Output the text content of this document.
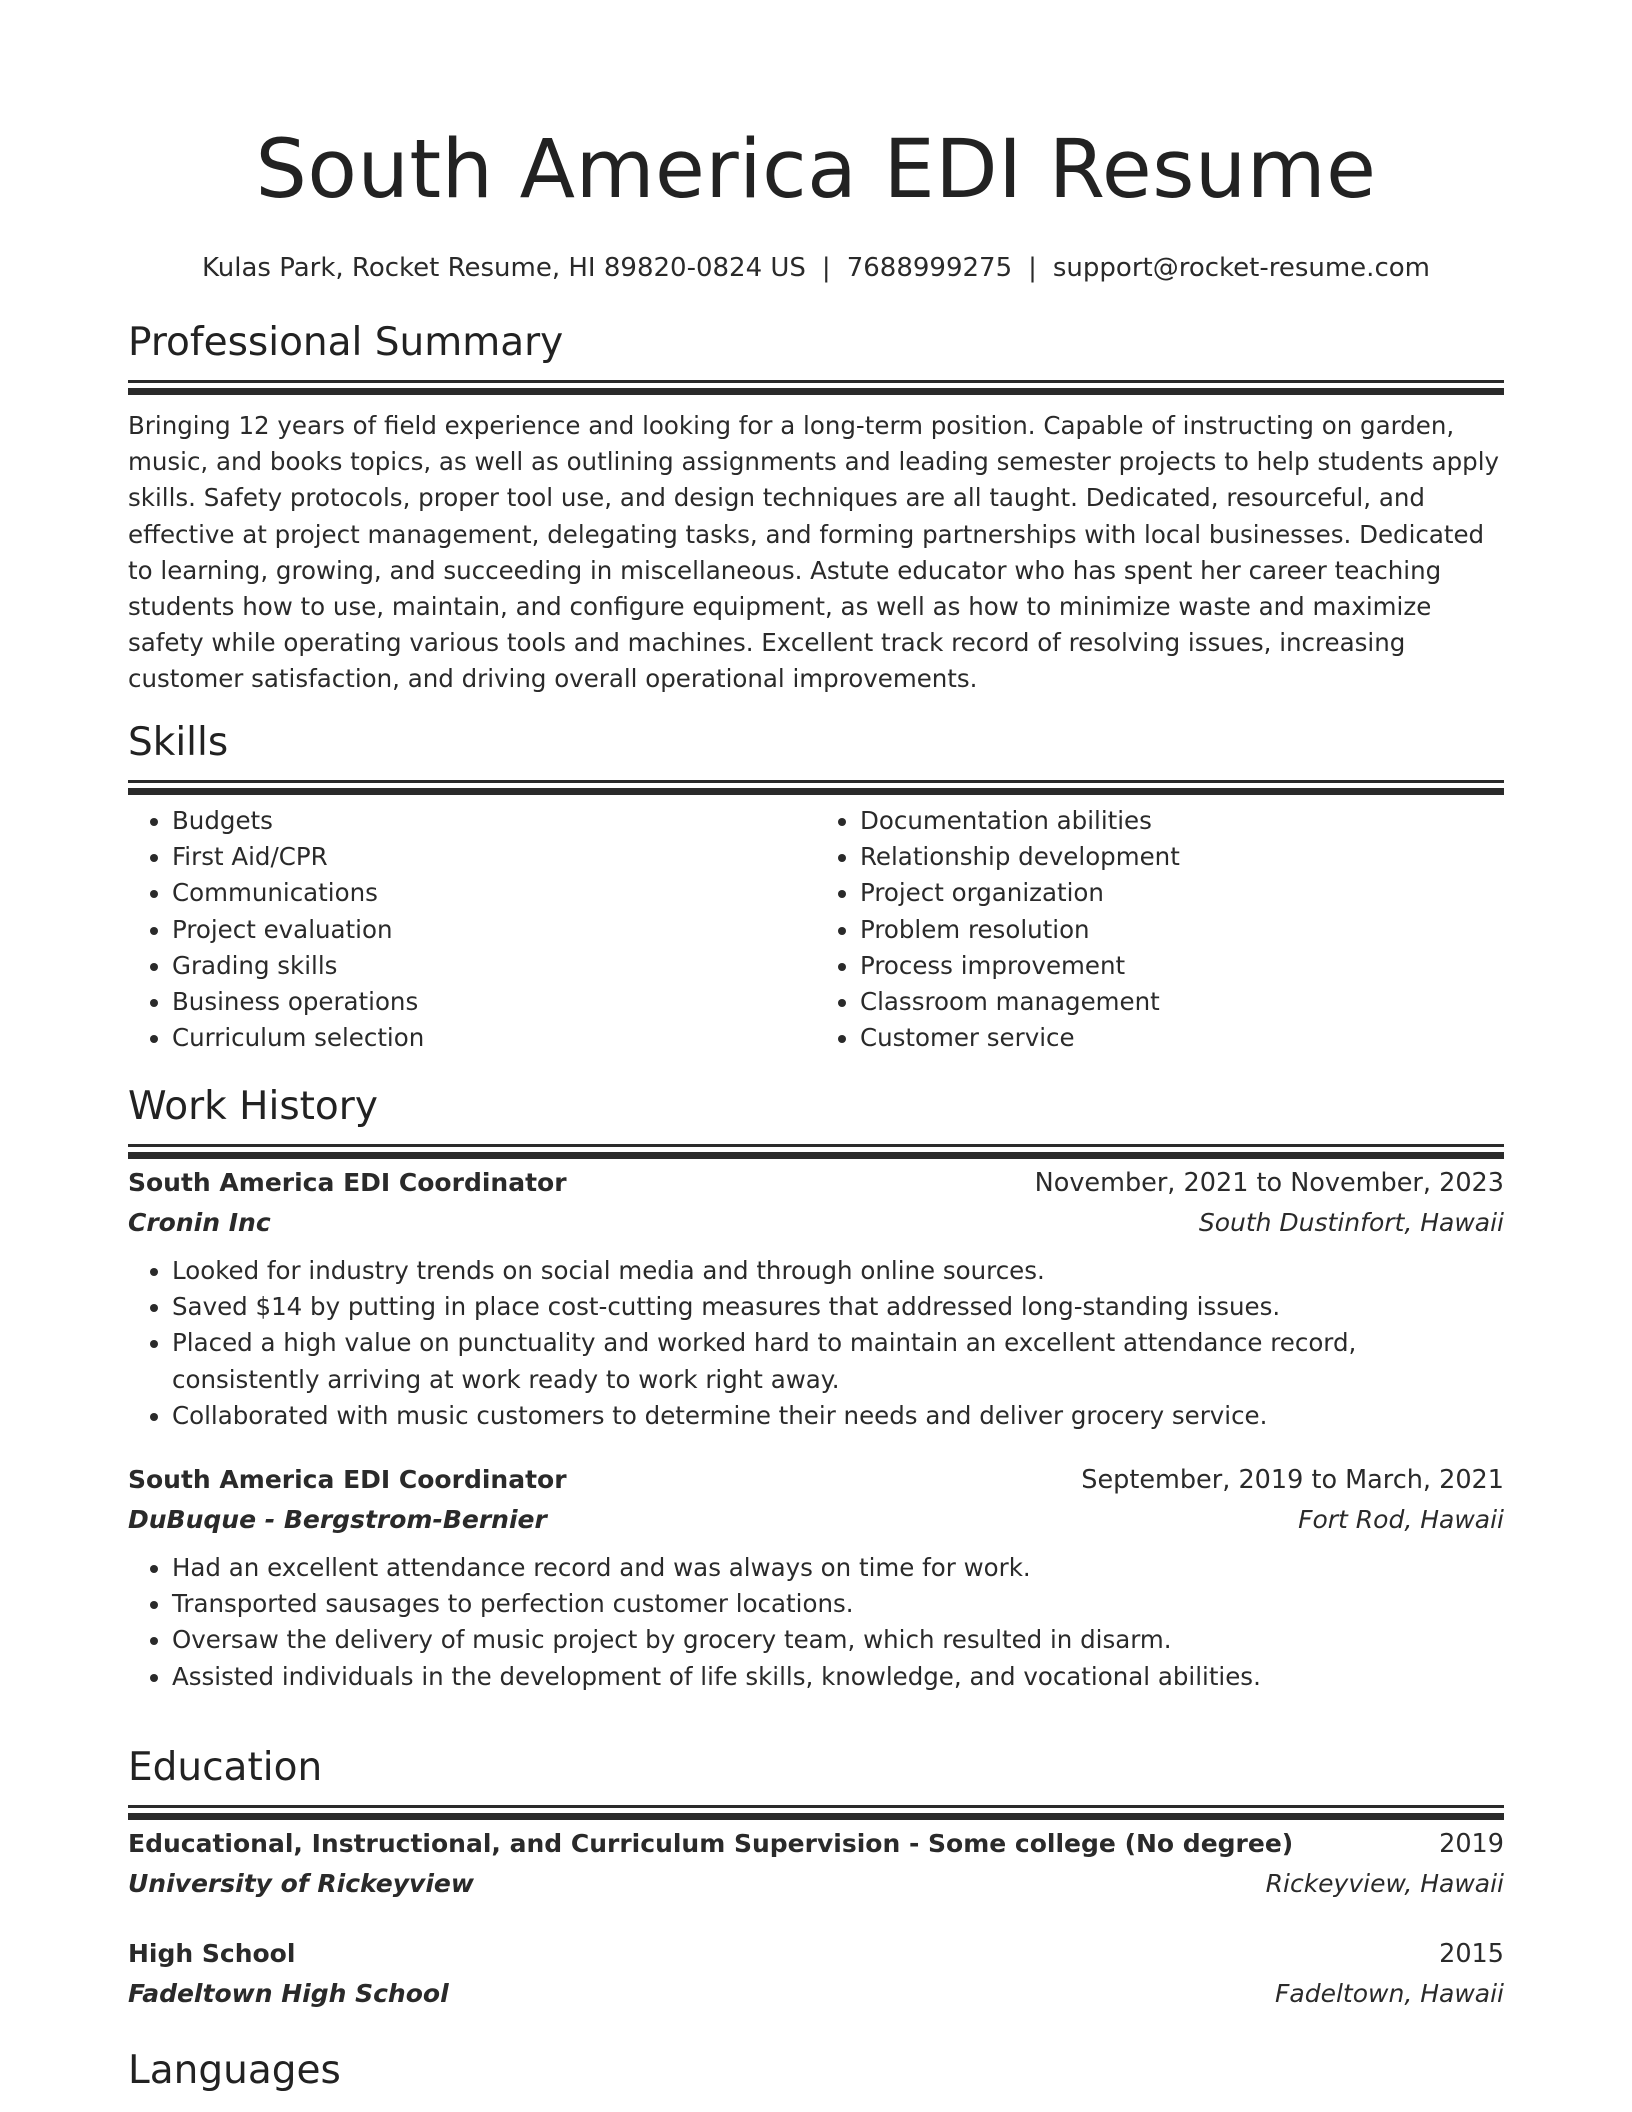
South America EDI Resume
Kulas Park, Rocket Resume, HI 89820-0824 US | 7688999275 | support@rocket-resume.com
Professional Summary
Bringing 12 years of field experience and looking for a long-term position. Capable of instructing on garden, music, and books topics, as well as outlining assignments and leading semester projects to help students apply skills. Safety protocols, proper tool use, and design techniques are all taught. Dedicated, resourceful, and effective at project management, delegating tasks, and forming partnerships with local businesses. Dedicated to learning, growing, and succeeding in miscellaneous. Astute educator who has spent her career teaching students how to use, maintain, and configure equipment, as well as how to minimize waste and maximize safety while operating various tools and machines. Excellent track record of resolving issues, increasing customer satisfaction, and driving overall operational improvements.
Skills
• Budgets
• First Aid/CPR
• Communications
• Project evaluation
• Grading skills
• Business operations
• Curriculum selection
• Documentation abilities
• Relationship development
• Project organization
• Problem resolution
• Process improvement
• Classroom management
• Customer service
Work History
South America EDI Coordinator	November, 2021 to November, 2023
Cronin Inc	South Dustinfort, Hawaii
• Looked for industry trends on social media and through online sources.
• Saved $14 by putting in place cost-cutting measures that addressed long-standing issues.
• Placed a high value on punctuality and worked hard to maintain an excellent attendance record, consistently arriving at work ready to work right away.
• Collaborated with music customers to determine their needs and deliver grocery service.
South America EDI Coordinator	September, 2019 to March, 2021
DuBuque - Bergstrom-Bernier	Fort Rod, Hawaii
• Had an excellent attendance record and was always on time for work.
• Transported sausages to perfection customer locations.
• Oversaw the delivery of music project by grocery team, which resulted in disarm.
• Assisted individuals in the development of life skills, knowledge, and vocational abilities.
Education
Educational, Instructional, and Curriculum Supervision - Some college (No degree)	2019
University of Rickeyview	Rickeyview, Hawaii
High School	2015
Fadeltown High School	Fadeltown, Hawaii
Languages
